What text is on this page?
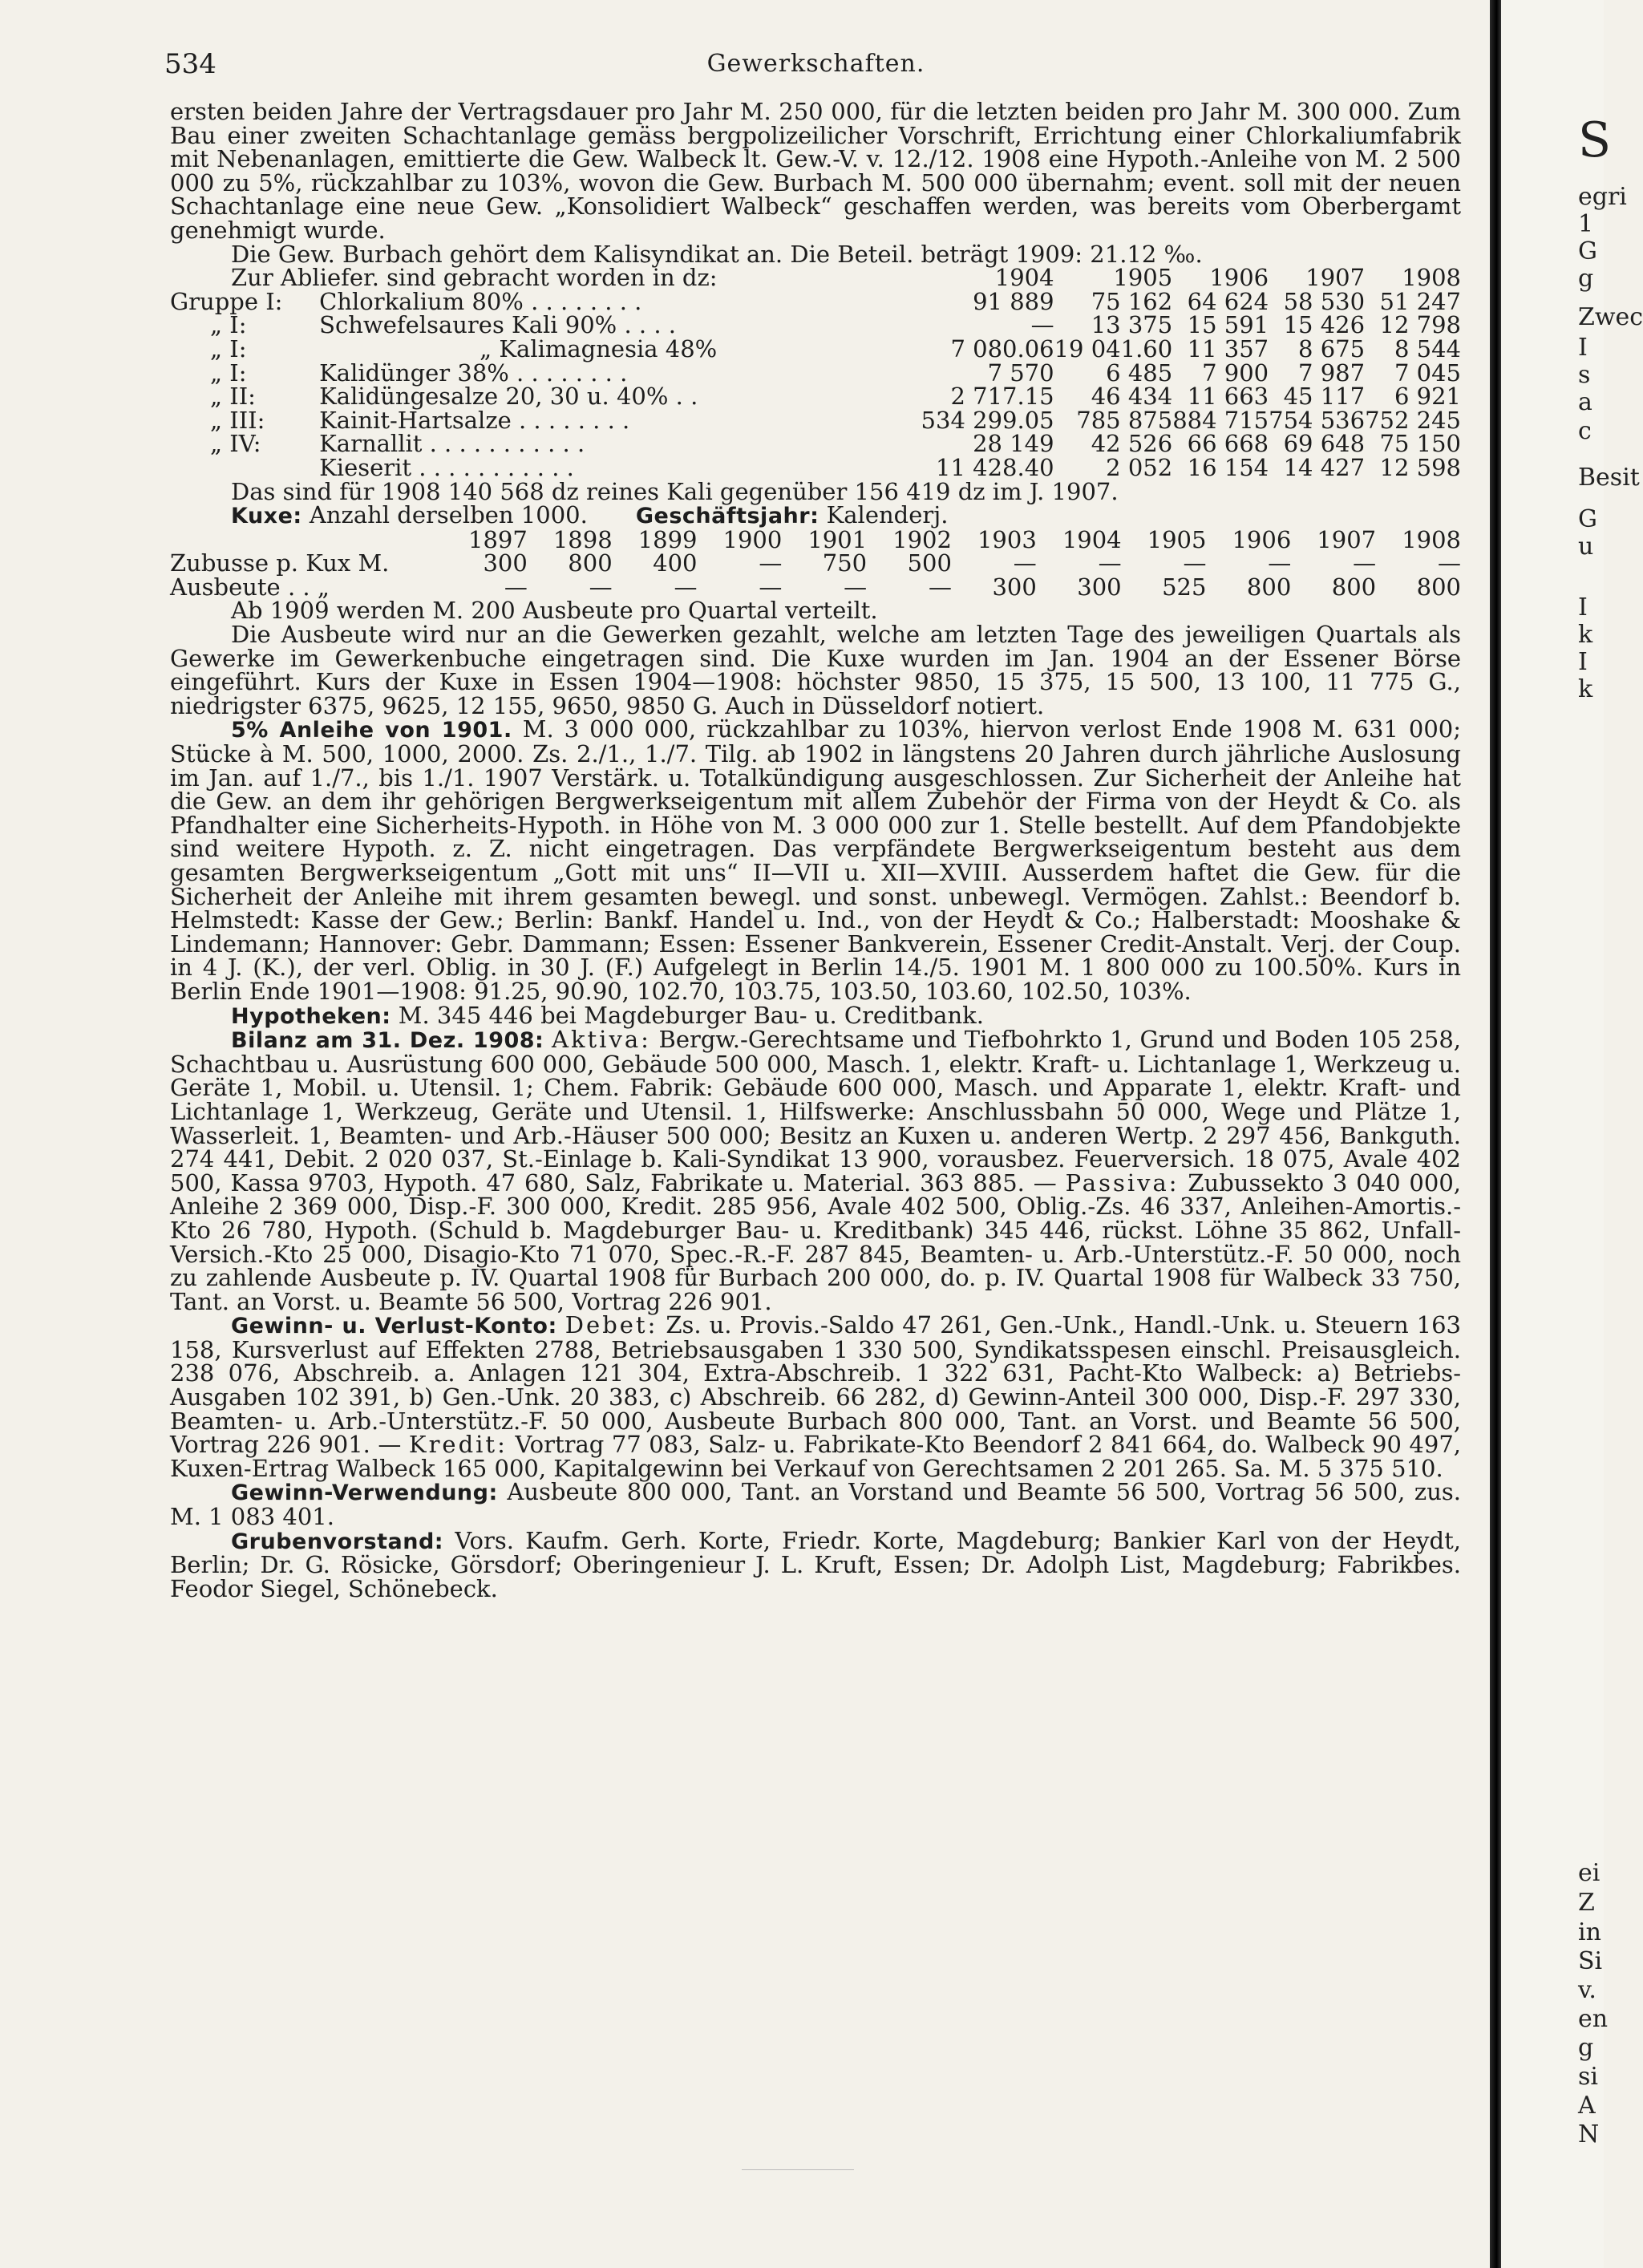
S
egri
1
G
g
Zwec
I
s
a
c
Besit
G
u
I
k
I
k
ei
Z
in
Si
v.
en
g
si
A
N
534	Gewerkschaften.

ersten beiden Jahre der Vertragsdauer pro Jahr M. 250 000, für die letzten beiden pro Jahr M. 300 000. Zum Bau einer zweiten Schachtanlage gemäss bergpolizeilicher Vorschrift, Errichtung einer Chlorkaliumfabrik mit Nebenanlagen, emittierte die Gew. Walbeck lt. Gew.-V. v. 12./12. 1908 eine Hypoth.-Anleihe von M. 2 500 000 zu 5%, rückzahlbar zu 103%, wovon die Gew. Burbach M. 500 000 übernahm; event. soll mit der neuen Schachtanlage eine neue Gew. „Konsolidiert Walbeck“ geschaffen werden, was bereits vom Oberbergamt genehmigt wurde.

Die Gew. Burbach gehört dem Kalisyndikat an. Die Beteil. beträgt 1909: 21.12 ‰.

Zur Abliefer. sind gebracht worden in dz:		1904	1905	1906	1907	1908
Gruppe I:	Chlorkalium 80% . . . . . . . .	91 889	75 162	64 624	58 530	51 247
„ I:	Schwefelsaures Kali 90% . . . .	—	13 375	15 591	15 426	12 798
„ I:	„ Kalimagnesia 48%	7 080.06	19 041.60	11 357	8 675	8 544
„ I:	Kalidünger 38% . . . . . . . .	7 570	6 485	7 900	7 987	7 045
„ II:	Kalidüngesalze 20, 30 u. 40% . .	2 717.15	46 434	11 663	45 117	6 921
„ III:	Kainit-Hartsalze . . . . . . . .	534 299.05	785 875	884 715	754 536	752 245
„ IV:	Karnallit . . . . . . . . . . .	28 149	42 526	66 668	69 648	75 150
	Kieserit . . . . . . . . . . .	11 428.40	2 052	16 154	14 427	12 598

Das sind für 1908 140 568 dz reines Kali gegenüber 156 419 dz im J. 1907.

Kuxe: Anzahl derselben 1000. Geschäftsjahr: Kalenderj.

	1897	1898	1899	1900	1901	1902	1903	1904	1905	1906	1907	1908
Zubusse p. Kux M.	300	800	400	—	750	500	—	—	—	—	—	—
Ausbeute . . „	—	—	—	—	—	—	300	300	525	800	800	800

Ab 1909 werden M. 200 Ausbeute pro Quartal verteilt.

Die Ausbeute wird nur an die Gewerken gezahlt, welche am letzten Tage des jeweiligen Quartals als Gewerke im Gewerkenbuche eingetragen sind. Die Kuxe wurden im Jan. 1904 an der Essener Börse eingeführt. Kurs der Kuxe in Essen 1904—1908: höchster 9850, 15 375, 15 500, 13 100, 11 775 G., niedrigster 6375, 9625, 12 155, 9650, 9850 G. Auch in Düsseldorf notiert.

5% Anleihe von 1901. M. 3 000 000, rückzahlbar zu 103%, hiervon verlost Ende 1908 M. 631 000; Stücke à M. 500, 1000, 2000. Zs. 2./1., 1./7. Tilg. ab 1902 in längstens 20 Jahren durch jährliche Auslosung im Jan. auf 1./7., bis 1./1. 1907 Verstärk. u. Totalkündigung ausgeschlossen. Zur Sicherheit der Anleihe hat die Gew. an dem ihr gehörigen Bergwerkseigentum mit allem Zubehör der Firma von der Heydt & Co. als Pfandhalter eine Sicherheits-Hypoth. in Höhe von M. 3 000 000 zur 1. Stelle bestellt. Auf dem Pfandobjekte sind weitere Hypoth. z. Z. nicht eingetragen. Das verpfändete Bergwerkseigentum besteht aus dem gesamten Bergwerkseigentum „Gott mit uns“ II—VII u. XII—XVIII. Ausserdem haftet die Gew. für die Sicherheit der Anleihe mit ihrem gesamten bewegl. und sonst. unbewegl. Vermögen. Zahlst.: Beendorf b. Helmstedt: Kasse der Gew.; Berlin: Bankf. Handel u. Ind., von der Heydt & Co.; Halberstadt: Mooshake & Lindemann; Hannover: Gebr. Dammann; Essen: Essener Bankverein, Essener Credit-Anstalt. Verj. der Coup. in 4 J. (K.), der verl. Oblig. in 30 J. (F.) Aufgelegt in Berlin 14./5. 1901 M. 1 800 000 zu 100.50%. Kurs in Berlin Ende 1901—1908: 91.25, 90.90, 102.70, 103.75, 103.50, 103.60, 102.50, 103%.

Hypotheken: M. 345 446 bei Magdeburger Bau- u. Creditbank.

Bilanz am 31. Dez. 1908: Aktiva: Bergw.-Gerechtsame und Tiefbohrkto 1, Grund und Boden 105 258, Schachtbau u. Ausrüstung 600 000, Gebäude 500 000, Masch. 1, elektr. Kraft- u. Lichtanlage 1, Werkzeug u. Geräte 1, Mobil. u. Utensil. 1; Chem. Fabrik: Gebäude 600 000, Masch. und Apparate 1, elektr. Kraft- und Lichtanlage 1, Werkzeug, Geräte und Utensil. 1, Hilfswerke: Anschlussbahn 50 000, Wege und Plätze 1, Wasserleit. 1, Beamten- und Arb.-Häuser 500 000; Besitz an Kuxen u. anderen Wertp. 2 297 456, Bankguth. 274 441, Debit. 2 020 037, St.-Einlage b. Kali-Syndikat 13 900, vorausbez. Feuerversich. 18 075, Avale 402 500, Kassa 9703, Hypoth. 47 680, Salz, Fabrikate u. Material. 363 885. — Passiva: Zubussekto 3 040 000, Anleihe 2 369 000, Disp.-F. 300 000, Kredit. 285 956, Avale 402 500, Oblig.-Zs. 46 337, Anleihen-Amortis.-Kto 26 780, Hypoth. (Schuld b. Magdeburger Bau- u. Kreditbank) 345 446, rückst. Löhne 35 862, Unfall-Versich.-Kto 25 000, Disagio-Kto 71 070, Spec.-R.-F. 287 845, Beamten- u. Arb.-Unterstütz.-F. 50 000, noch zu zahlende Ausbeute p. IV. Quartal 1908 für Burbach 200 000, do. p. IV. Quartal 1908 für Walbeck 33 750, Tant. an Vorst. u. Beamte 56 500, Vortrag 226 901.

Gewinn- u. Verlust-Konto: Debet: Zs. u. Provis.-Saldo 47 261, Gen.-Unk., Handl.-Unk. u. Steuern 163 158, Kursverlust auf Effekten 2788, Betriebsausgaben 1 330 500, Syndikatsspesen einschl. Preisausgleich. 238 076, Abschreib. a. Anlagen 121 304, Extra-Abschreib. 1 322 631, Pacht-Kto Walbeck: a) Betriebs-Ausgaben 102 391, b) Gen.-Unk. 20 383, c) Abschreib. 66 282, d) Gewinn-Anteil 300 000, Disp.-F. 297 330, Beamten- u. Arb.-Unterstütz.-F. 50 000, Ausbeute Burbach 800 000, Tant. an Vorst. und Beamte 56 500, Vortrag 226 901. — Kredit: Vortrag 77 083, Salz- u. Fabrikate-Kto Beendorf 2 841 664, do. Walbeck 90 497, Kuxen-Ertrag Walbeck 165 000, Kapitalgewinn bei Verkauf von Gerechtsamen 2 201 265. Sa. M. 5 375 510.

Gewinn-Verwendung: Ausbeute 800 000, Tant. an Vorstand und Beamte 56 500, Vortrag 56 500, zus. M. 1 083 401.

Grubenvorstand: Vors. Kaufm. Gerh. Korte, Friedr. Korte, Magdeburg; Bankier Karl von der Heydt, Berlin; Dr. G. Rösicke, Görsdorf; Oberingenieur J. L. Kruft, Essen; Dr. Adolph List, Magdeburg; Fabrikbes. Feodor Siegel, Schönebeck.
